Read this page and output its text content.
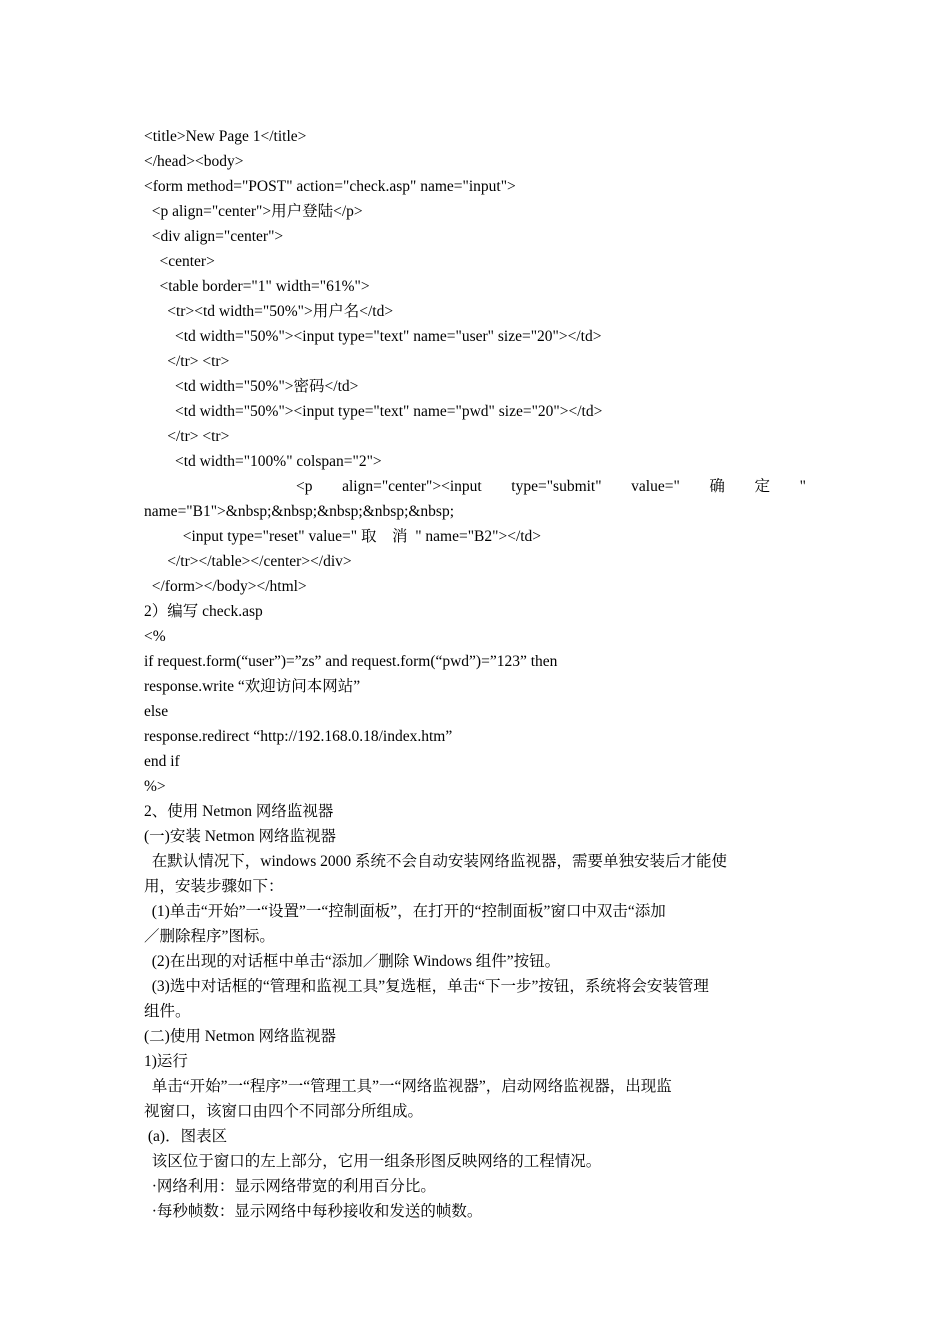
<title>New Page 1</title>
</head><body>
<form method="POST" action="check.asp" name="input">
<p align="center">用户登陆</p>
<div align="center">
<center>
<table border="1" width="61%">
<tr><td width="50%">用户名</td>
<td width="50%"><input type="text" name="user" size="20"></td>
</tr> <tr>
<td width="50%">密码</td>
<td width="50%"><input type="text" name="pwd" size="20"></td>
</tr> <tr>
<td width="100%" colspan="2">
<p align="center"><input type="submit" value=" 确 定 "
name="B1">&nbsp;&nbsp;&nbsp;&nbsp;&nbsp;
<input type="reset" value=" 取    消  " name="B2"></td>
</tr></table></center></div>
</form></body></html>
2）编写 check.asp
<%
if request.form(“user”)=”zs” and request.form(“pwd”)=”123” then
response.write “欢迎访问本网站”
else
response.redirect “http://192.168.0.18/index.htm”
end if
%>
2、使用 Netmon 网络监视器
(一)安装 Netmon 网络监视器
在默认情况下，windows 2000 系统不会自动安装网络监视器，需要单独安装后才能使
用，安装步骤如下：
(1)单击“开始”一“设置”一“控制面板”，在打开的“控制面板”窗口中双击“添加
／删除程序”图标。
(2)在出现的对话框中单击“添加／删除 Windows 组件”按钮。
(3)选中对话框的“管理和监视工具”复选框，单击“下一步”按钮，系统将会安装管理
组件。
(二)使用 Netmon 网络监视器
1)运行
单击“开始”一“程序”一“管理工具”一“网络监视器”，启动网络监视器，出现监
视窗口，该窗口由四个不同部分所组成。
(a)．图表区
该区位于窗口的左上部分，它用一组条形图反映网络的工程情况。
·网络利用：显示网络带宽的利用百分比。
·每秒帧数：显示网络中每秒接收和发送的帧数。
